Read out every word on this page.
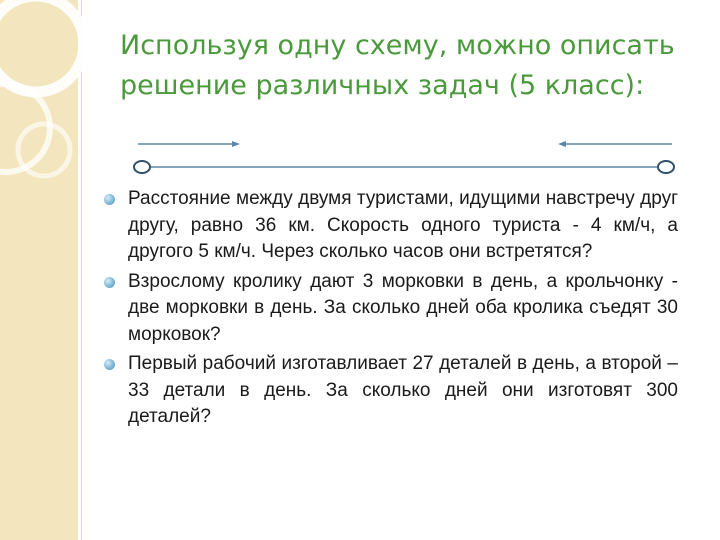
Используя одну схему, можно описать
решение различных задач (5 класс):
Расстояние между двумя туристами, идущими навстречу друг другу, равно 36 км. Скорость одного туриста - 4 км/ч, а другого 5 км/ч. Через сколько часов они встретятся?
Взрослому кролику дают 3 морковки в день, а крольчонку - две морковки в день. За сколько дней оба кролика съедят 30 морковок?
Первый рабочий изготавливает 27 деталей в день, а второй – 33 детали в день. За сколько дней они изготовят 300 деталей?
